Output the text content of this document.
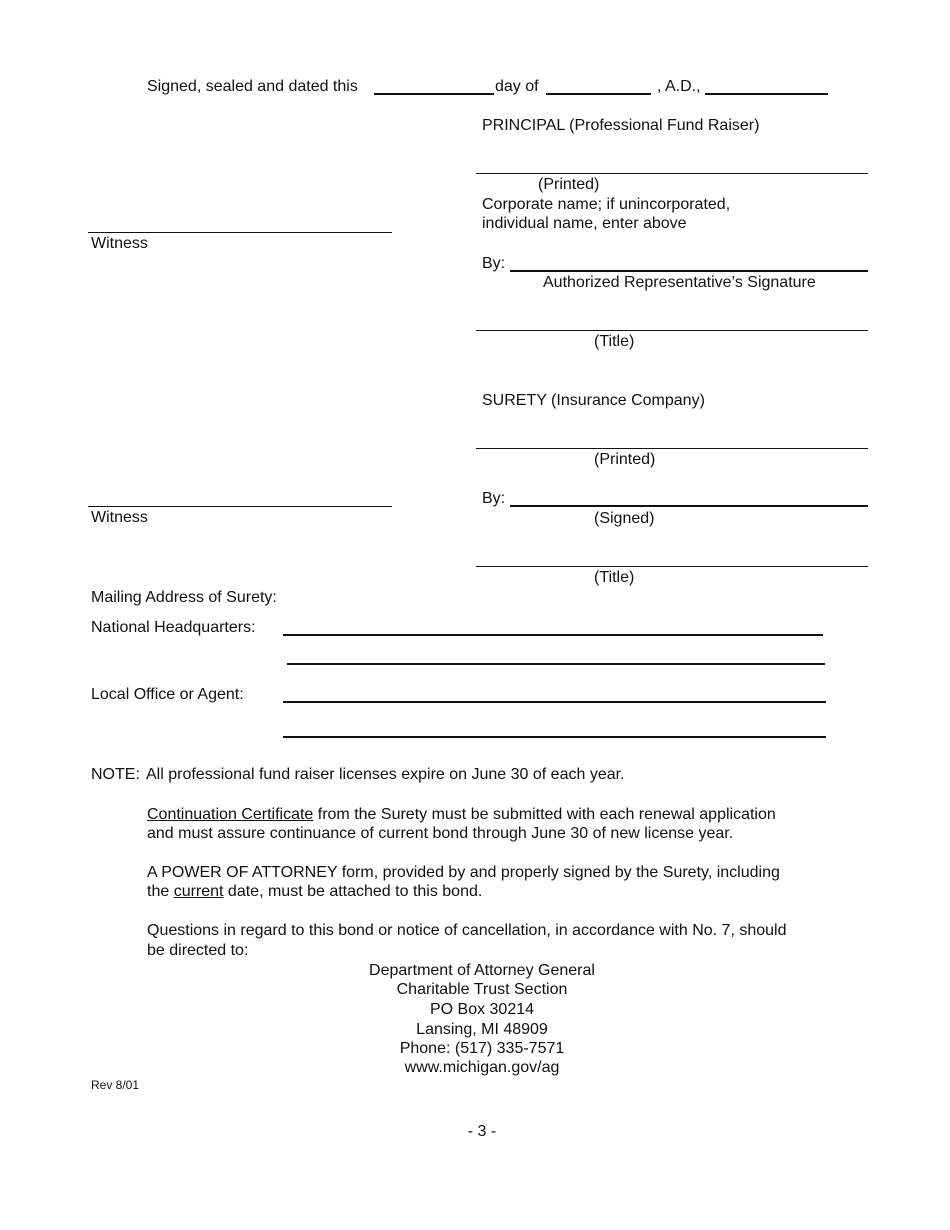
Signed, sealed and dated this	day of	, A.D.,
PRINCIPAL (Professional Fund Raiser)
(Printed)
Corporate name; if unincorporated,
individual name, enter above
Witness
By:
Authorized Representative’s Signature
(Title)
SURETY (Insurance Company)
(Printed)
By:
(Signed)
Witness
(Title)
Mailing Address of Surety:
National Headquarters:
Local Office or Agent:
NOTE: All professional fund raiser licenses expire on June 30 of each year.
Continuation Certificate from the Surety must be submitted with each renewal application
and must assure continuance of current bond through June 30 of new license year.
A POWER OF ATTORNEY form, provided by and properly signed by the Surety, including
the current date, must be attached to this bond.
Questions in regard to this bond or notice of cancellation, in accordance with No. 7, should
be directed to:
Department of Attorney General
Charitable Trust Section
PO Box 30214
Lansing, MI 48909
Phone: (517) 335-7571
www.michigan.gov/ag
Rev 8/01
- 3 -
